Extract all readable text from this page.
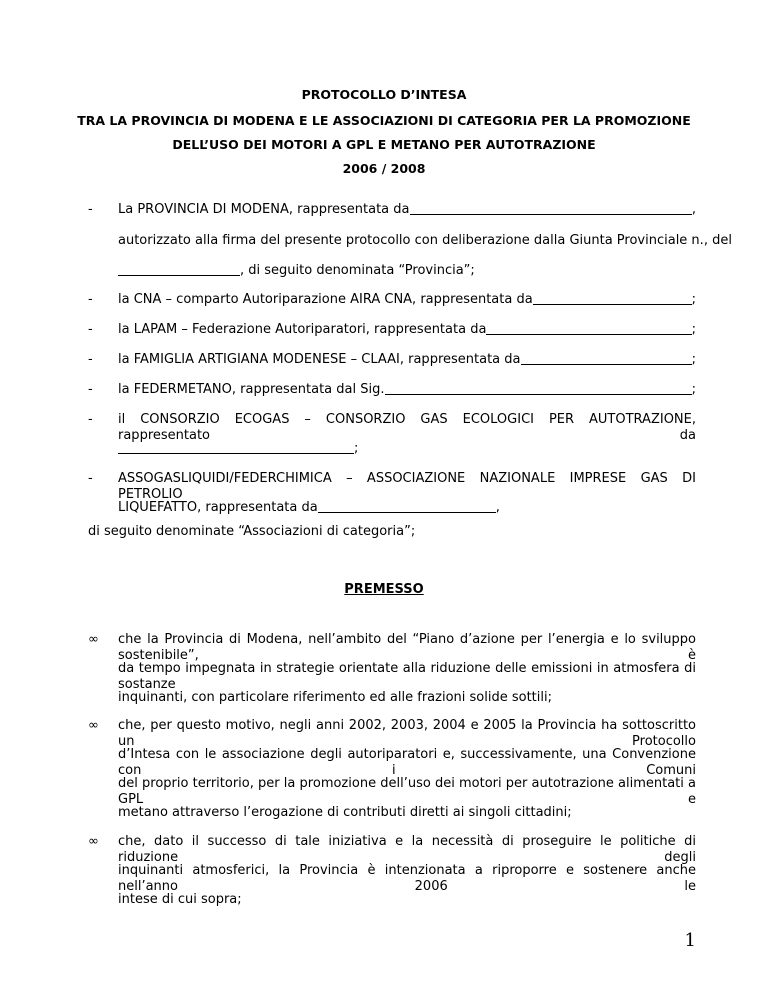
PROTOCOLLO D’INTESA
TRA LA PROVINCIA DI MODENA E LE ASSOCIAZIONI DI CATEGORIA PER LA PROMOZIONE
DELL’USO DEI MOTORI A GPL E METANO PER AUTOTRAZIONE
2006 / 2008
- La PROVINCIA DI MODENA, rappresentata da	,
autorizzato alla firma del presente protocollo con deliberazione dalla Giunta Provinciale n. , del
, di seguito denominata “Provincia”;
- la CNA – comparto Autoriparazione AIRA CNA, rappresentata da	;
- la LAPAM – Federazione Autoriparatori, rappresentata da	;
- la FAMIGLIA ARTIGIANA MODENESE – CLAAI, rappresentata da	;
- la FEDERMETANO, rappresentata dal Sig.	;
- il CONSORZIO ECOGAS – CONSORZIO GAS ECOLOGICI PER AUTOTRAZIONE, rappresentato da
;
- ASSOGASLIQUIDI/FEDERCHIMICA – ASSOCIAZIONE NAZIONALE IMPRESE GAS DI PETROLIO
LIQUEFATTO, rappresentata da	,
di seguito denominate “Associazioni di categoria”;
PREMESSO
∞ che la Provincia di Modena, nell’ambito del “Piano d’azione per l’energia e lo sviluppo sostenibile”, è
da tempo impegnata in strategie orientate alla riduzione delle emissioni in atmosfera di sostanze
inquinanti, con particolare riferimento ed alle frazioni solide sottili;
∞ che, per questo motivo, negli anni 2002, 2003, 2004 e 2005 la Provincia ha sottoscritto un Protocollo
d’Intesa con le associazione degli autoriparatori e, successivamente, una Convenzione con i Comuni
del proprio territorio, per la promozione dell’uso dei motori per autotrazione alimentati a GPL e
metano attraverso l’erogazione di contributi diretti ai singoli cittadini;
∞ che, dato il successo di tale iniziativa e la necessità di proseguire le politiche di riduzione degli
inquinanti atmosferici, la Provincia è intenzionata a riproporre e sostenere anche nell’anno 2006 le
intese di cui sopra;
1
